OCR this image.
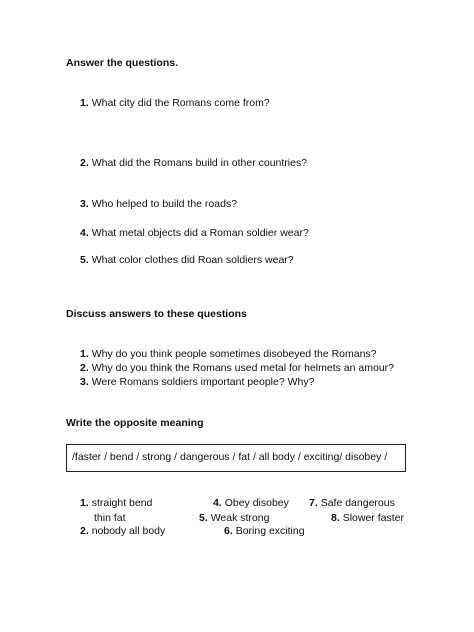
Answer the questions.
1. What city did the Romans come from?
2. What did the Romans build in other countries?
3. Who helped to build the roads?
4. What metal objects did a Roman soldier wear?
5. What color clothes did Roan soldiers wear?
Discuss answers to these questions
1. Why do you think people sometimes disobeyed the Romans?
2. Why do you think the Romans used metal for helmets an amour?
3. Were Romans soldiers important people? Why?
Write the opposite meaning
/faster / bend / strong / dangerous / fat / all body / exciting/ disobey /
1. straight bend
thin fat
2. nobody all body
4. Obey disobey
5. Weak strong
6. Boring exciting
7. Safe dangerous
8. Slower faster
